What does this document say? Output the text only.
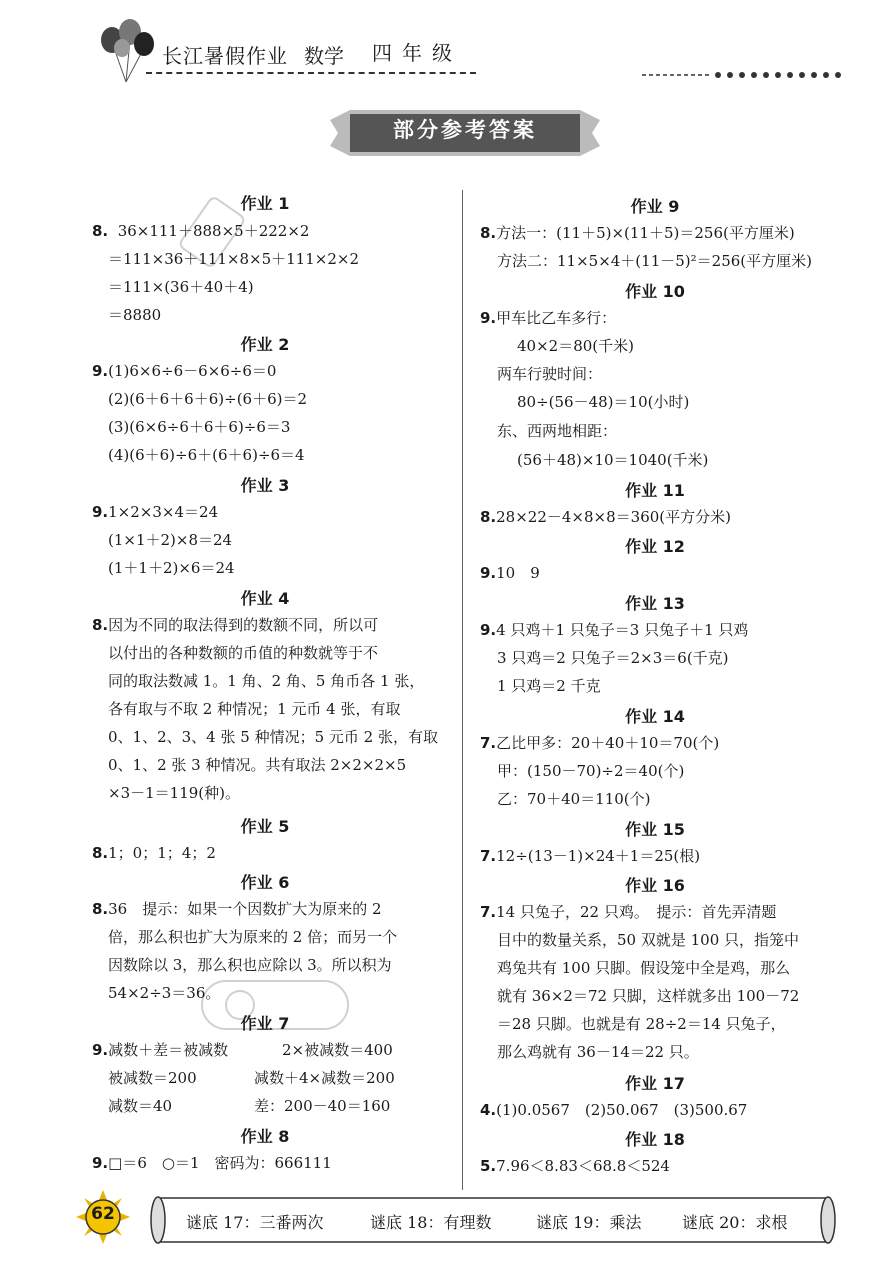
长江暑假作业 数学 四年级
部分参考答案
作业 1
8. 36×111＋888×5＋222×2
＝111×36＋111×8×5＋111×2×2
＝111×(36＋40＋4)
＝8880
作业 2
9.(1)6×6÷6－6×6÷6＝0
(2)(6＋6＋6＋6)÷(6＋6)＝2
(3)(6×6÷6＋6＋6)÷6＝3
(4)(6＋6)÷6＋(6＋6)÷6＝4
作业 3
9.1×2×3×4＝24
(1×1＋2)×8＝24
(1＋1＋2)×6＝24
作业 4
8.因为不同的取法得到的数额不同，所以可
以付出的各种数额的币值的种数就等于不
同的取法数减 1。1 角、2 角、5 角币各 1 张，
各有取与不取 2 种情况；1 元币 4 张，有取
0、1、2、3、4 张 5 种情况；5 元币 2 张，有取
0、1、2 张 3 种情况。共有取法 2×2×2×5
×3－1＝119(种)。
作业 5
8.1；0；1；4；2
作业 6
8.36　提示：如果一个因数扩大为原来的 2
倍，那么积也扩大为原来的 2 倍；而另一个
因数除以 3，那么积也应除以 3。所以积为
54×2÷3＝36。
作业 7
9.减数＋差＝被减数	2×被减数＝400
被减数＝200	减数＋4×减数＝200
减数＝40	差：200－40＝160
作业 8
9.□＝6　○＝1　密码为：666111
作业 9
8.方法一：(11＋5)×(11＋5)＝256(平方厘米)
方法二：11×5×4＋(11－5)²＝256(平方厘米)
作业 10
9.甲车比乙车多行：
40×2＝80(千米)
两车行驶时间：
80÷(56－48)＝10(小时)
东、西两地相距：
(56＋48)×10＝1040(千米)
作业 11
8.28×22－4×8×8＝360(平方分米)
作业 12
9.10　9
作业 13
9.4 只鸡＋1 只兔子＝3 只兔子＋1 只鸡
3 只鸡＝2 只兔子＝2×3＝6(千克)
1 只鸡＝2 千克
作业 14
7.乙比甲多：20＋40＋10＝70(个)
甲：(150－70)÷2＝40(个)
乙：70＋40＝110(个)
作业 15
7.12÷(13－1)×24＋1＝25(根)
作业 16
7.14 只兔子，22 只鸡。　提示：首先弄清题
目中的数量关系，50 双就是 100 只，指笼中
鸡兔共有 100 只脚。假设笼中全是鸡，那么
就有 36×2＝72 只脚，这样就多出 100－72
＝28 只脚。也就是有 28÷2＝14 只兔子，
那么鸡就有 36－14＝22 只。
作业 17
4.(1)0.0567　(2)50.067　(3)500.67
作业 18
5.7.96＜8.83＜68.8＜524
62	谜底 17：三番两次	谜底 18：有理数	谜底 19：乘法	谜底 20：求根
